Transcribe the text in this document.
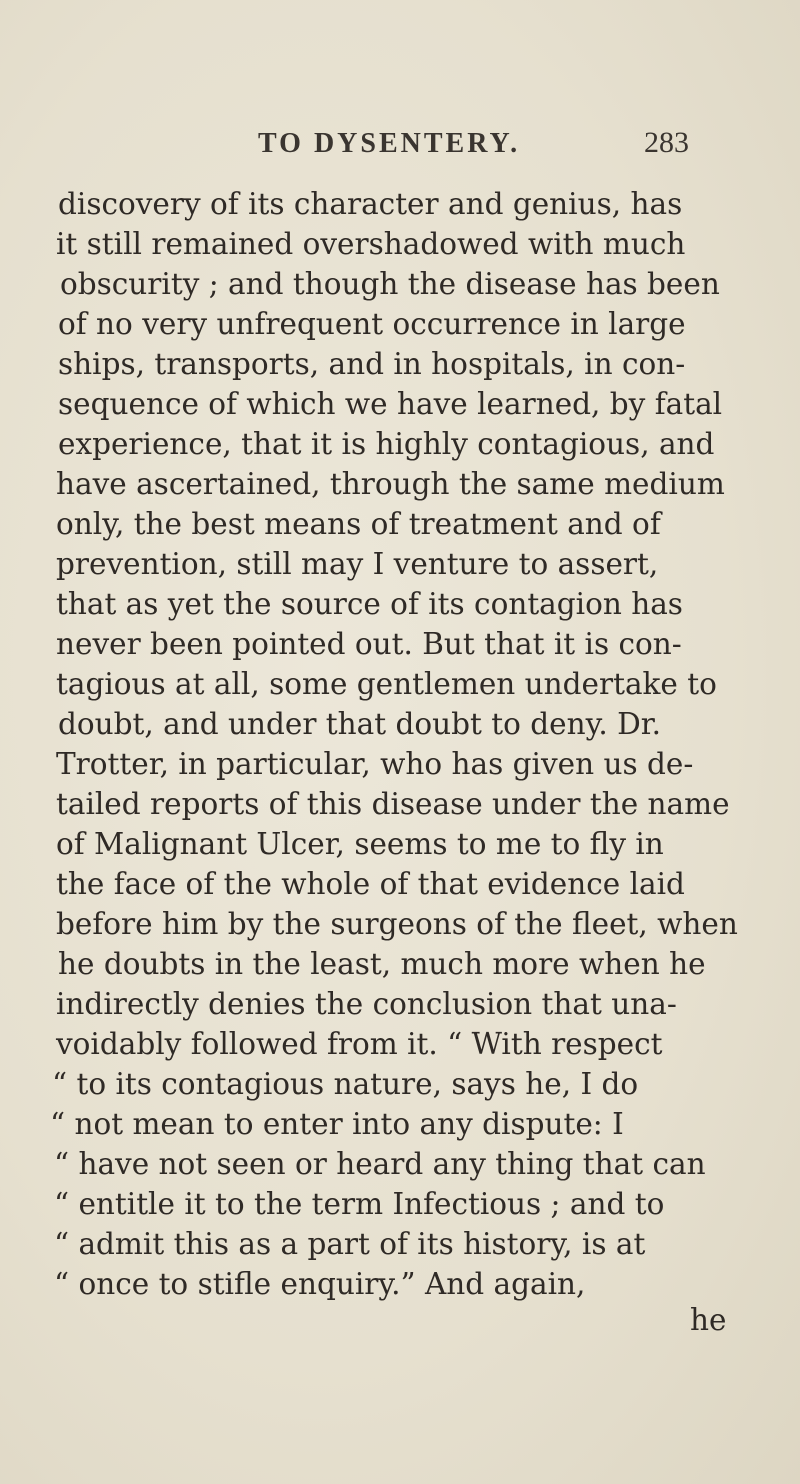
TO DYSENTERY.	283
discovery of its character and genius, has
it still remained overshadowed with much
obscurity ; and though the disease has been
of no very unfrequent occurrence in large
ships, transports, and in hospitals, in con-
sequence of which we have learned, by fatal
experience, that it is highly contagious, and
have ascertained, through the same medium
only, the best means of treatment and of
prevention, still may I venture to assert,
that as yet the source of its contagion has
never been pointed out. But that it is con-
tagious at all, some gentlemen undertake to
doubt, and under that doubt to deny. Dr.
Trotter, in particular, who has given us de-
tailed reports of this disease under the name
of Malignant Ulcer, seems to me to fly in
the face of the whole of that evidence laid
before him by the surgeons of the fleet, when
he doubts in the least, much more when he
indirectly denies the conclusion that una-
voidably followed from it. “ With respect
“ to its contagious nature, says he, I do
“ not mean to enter into any dispute: I
“ have not seen or heard any thing that can
“ entitle it to the term Infectious ; and to
“ admit this as a part of its history, is at
“ once to stifle enquiry.” And again,
he
